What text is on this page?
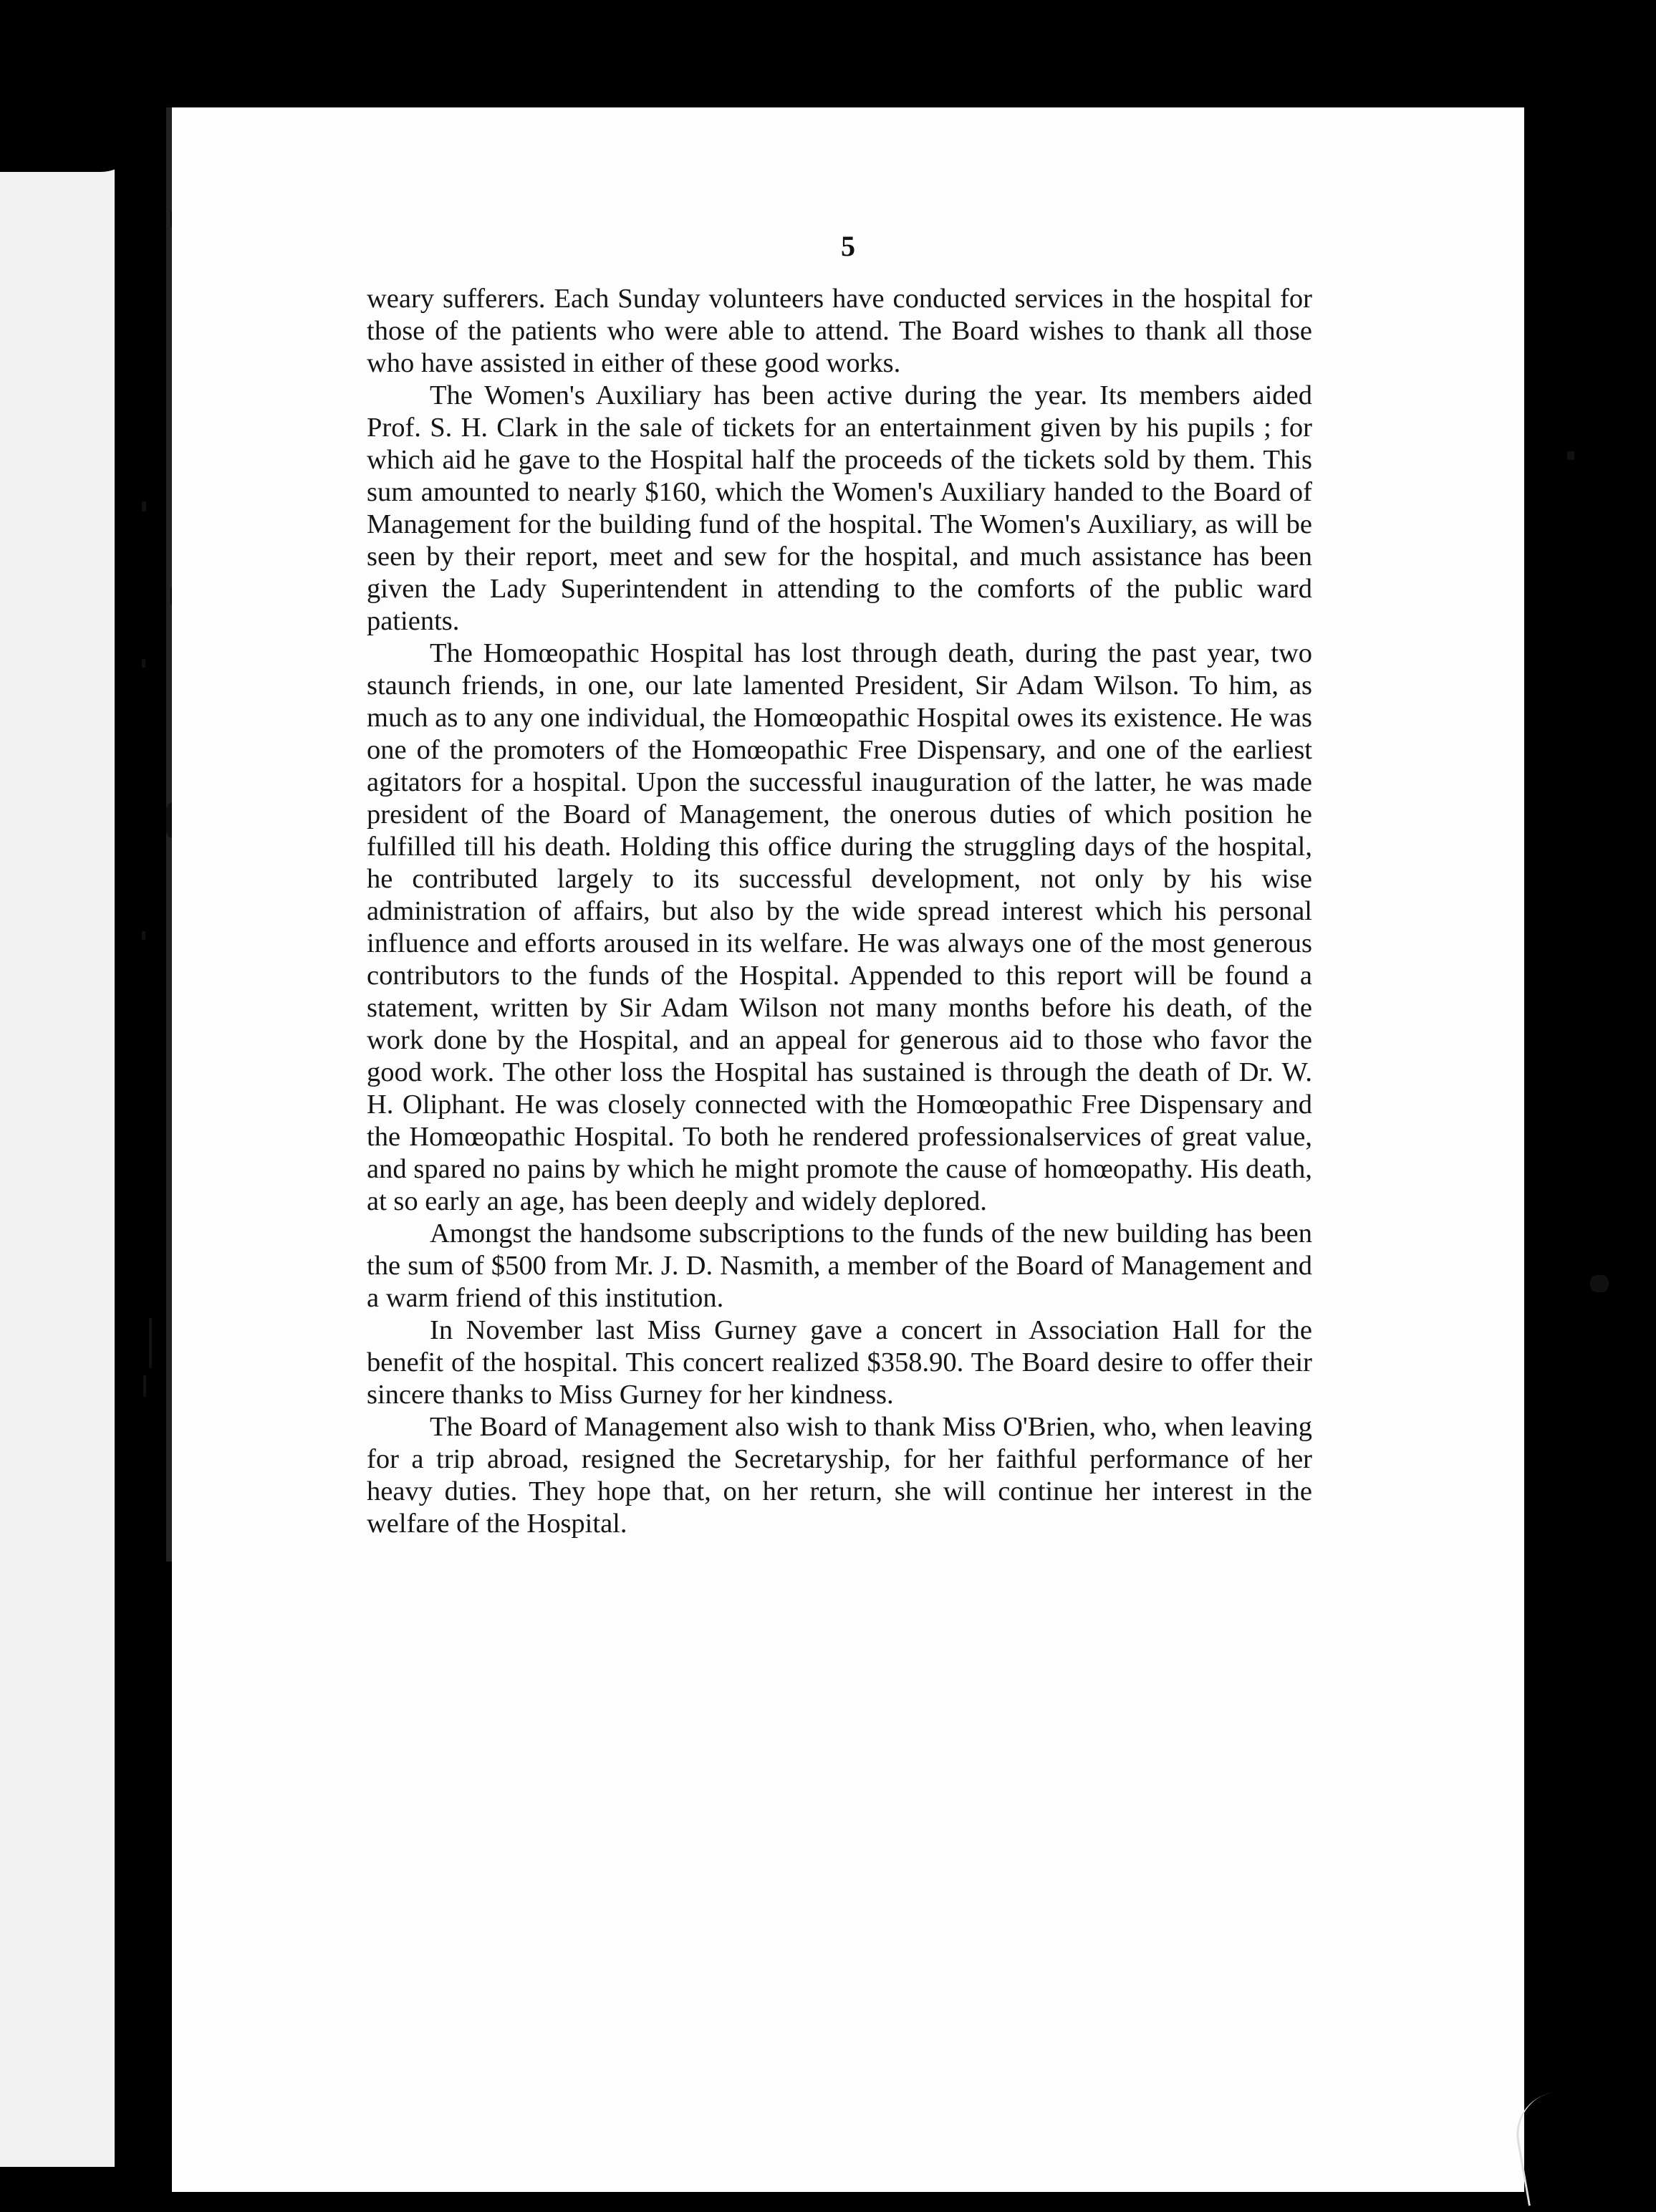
5

weary sufferers. Each Sunday volunteers have conducted services in the hospital for those of the patients who were able to attend. The Board wishes to thank all those who have assisted in either of these good works.

The Women's Auxiliary has been active during the year. Its members aided Prof. S. H. Clark in the sale of tickets for an entertainment given by his pupils ; for which aid he gave to the Hospital half the proceeds of the tickets sold by them. This sum amounted to nearly $160, which the Women's Auxiliary handed to the Board of Management for the building fund of the hospital. The Women's Auxiliary, as will be seen by their report, meet and sew for the hospital, and much assistance has been given the Lady Superintendent in attending to the comforts of the public ward patients.

The Homœopathic Hospital has lost through death, during the past year, two staunch friends, in one, our late lamented President, Sir Adam Wilson. To him, as much as to any one individual, the Homœopathic Hospital owes its existence. He was one of the promoters of the Homœopathic Free Dispensary, and one of the earliest agitators for a hospital. Upon the successful inauguration of the latter, he was made president of the Board of Management, the onerous duties of which position he fulfilled till his death. Holding this office during the struggling days of the hospital, he contributed largely to its successful development, not only by his wise administration of affairs, but also by the wide spread interest which his personal influence and efforts aroused in its welfare. He was always one of the most generous contributors to the funds of the Hospital. Appended to this report will be found a statement, written by Sir Adam Wilson not many months before his death, of the work done by the Hospital, and an appeal for generous aid to those who favor the good work. The other loss the Hospital has sustained is through the death of Dr. W. H. Oliphant. He was closely connected with the Homœopathic Free Dispensary and the Homœopathic Hospital. To both he rendered professionalservices of great value, and spared no pains by which he might promote the cause of homœopathy. His death, at so early an age, has been deeply and widely deplored.

Amongst the handsome subscriptions to the funds of the new building has been the sum of $500 from Mr. J. D. Nasmith, a member of the Board of Management and a warm friend of this institution.

In November last Miss Gurney gave a concert in Association Hall for the benefit of the hospital. This concert realized $358.90. The Board desire to offer their sincere thanks to Miss Gurney for her kindness.

The Board of Management also wish to thank Miss O'Brien, who, when leaving for a trip abroad, resigned the Secretaryship, for her faithful performance of her heavy duties. They hope that, on her return, she will continue her interest in the welfare of the Hospital.
